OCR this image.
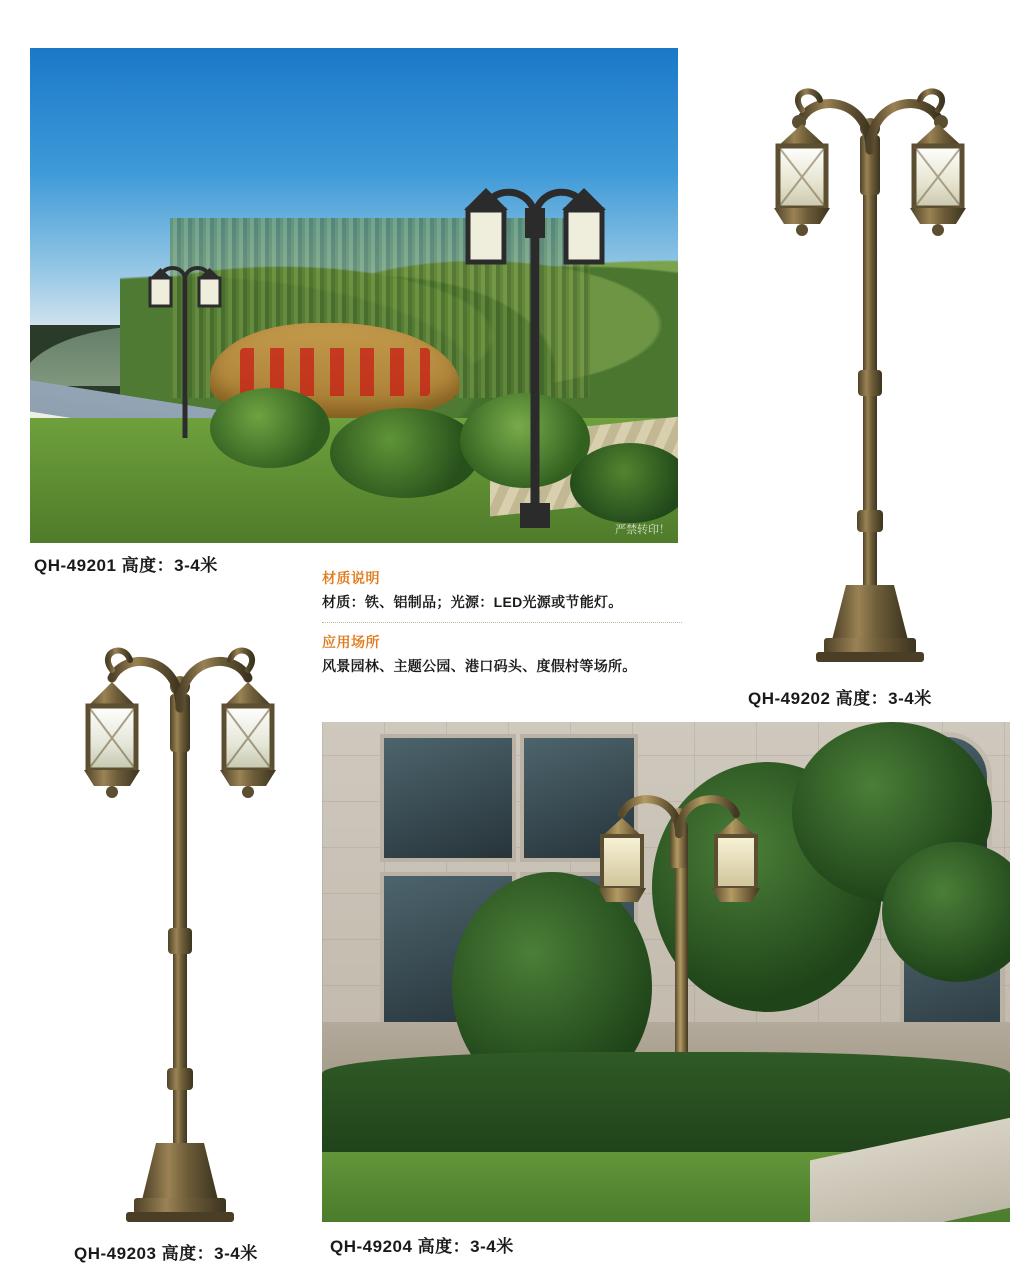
严禁转印！
QH-49201 高度：3-4米

材质说明

材质：铁、铝制品；光源：LED光源或节能灯。

应用场所

风景园林、主题公园、港口码头、度假村等场所。

QH-49202 高度：3-4米
QH-49203 高度：3-4米	QH-49204 高度：3-4米
